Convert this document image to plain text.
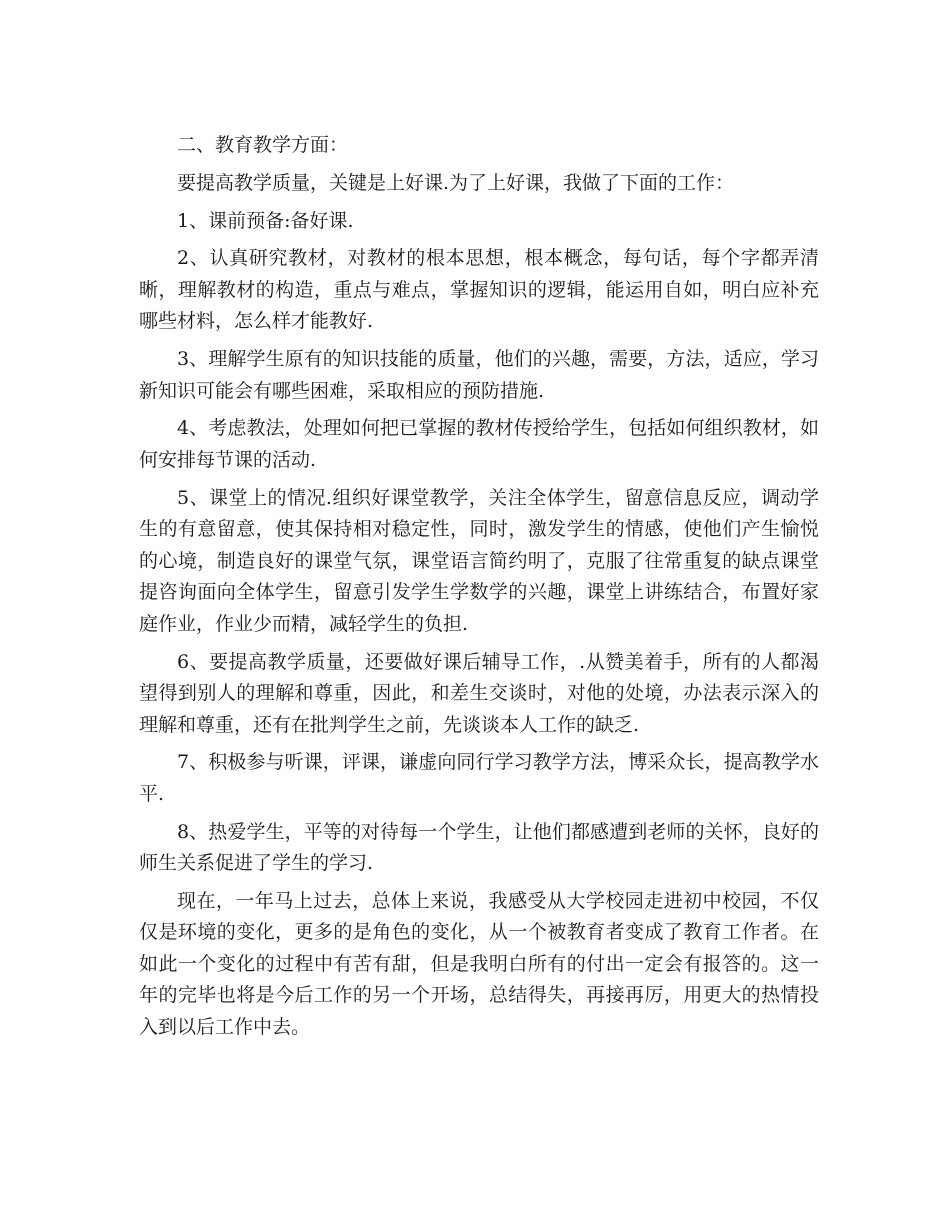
二、教育教学方面：

要提高教学质量，关键是上好课.为了上好课，我做了下面的工作：

1、课前预备:备好课.

2、认真研究教材，对教材的根本思想，根本概念，每句话，每个字都弄清晰，理解教材的构造，重点与难点，掌握知识的逻辑，能运用自如，明白应补充哪些材料，怎么样才能教好.

3、理解学生原有的知识技能的质量，他们的兴趣，需要，方法，适应，学习新知识可能会有哪些困难，采取相应的预防措施.

4、考虑教法，处理如何把已掌握的教材传授给学生，包括如何组织教材，如何安排每节课的活动.

5、课堂上的情况.组织好课堂教学，关注全体学生，留意信息反应，调动学生的有意留意，使其保持相对稳定性，同时，激发学生的情感，使他们产生愉悦的心境，制造良好的课堂气氛，课堂语言简约明了，克服了往常重复的缺点课堂提咨询面向全体学生，留意引发学生学数学的兴趣，课堂上讲练结合，布置好家庭作业，作业少而精，减轻学生的负担.

6、要提高教学质量，还要做好课后辅导工作，.从赞美着手，所有的人都渴望得到别人的理解和尊重，因此，和差生交谈时，对他的处境，办法表示深入的理解和尊重，还有在批判学生之前，先谈谈本人工作的缺乏.

7、积极参与听课，评课，谦虚向同行学习教学方法，博采众长，提高教学水平.

8、热爱学生，平等的对待每一个学生，让他们都感遭到老师的关怀，良好的师生关系促进了学生的学习.

现在，一年马上过去，总体上来说，我感受从大学校园走进初中校园，不仅仅是环境的变化，更多的是角色的变化，从一个被教育者变成了教育工作者。在如此一个变化的过程中有苦有甜，但是我明白所有的付出一定会有报答的。这一年的完毕也将是今后工作的另一个开场，总结得失，再接再厉，用更大的热情投入到以后工作中去。
